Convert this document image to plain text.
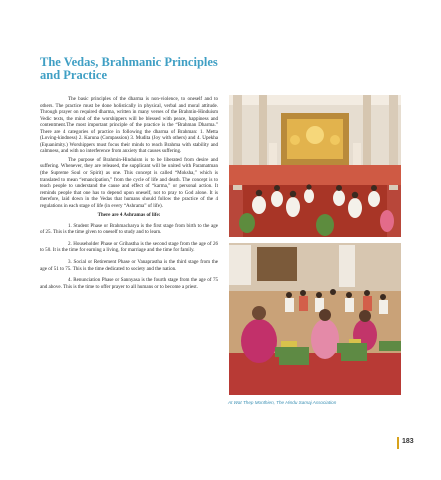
The Vedas, Brahmanic Principles and Practice

The basic principles of the dharma is non-violence, to oneself and to others. The practice must be done holistically in physical, verbal and moral attitude. Through prayer on required dharma, written in many verses of the Brahmin-Hinduism Vedic texts, the mind of the worshippers will be blessed with peace, happiness and contentment.The most important principle of the practice is the “Brahman Dharma.” There are 4 categories of practice in following the dharma of Brahman: 1. Metta (Loving-kindness) 2. Karuna (Compassion) 3. Mudita (Joy with others) and 4. Upekha (Equanimity.) Worshippers must focus their minds to reach Brahma with stability and calmness, and with no interference from anxiety that causes suffering.

The purpose of Brahmin-Hinduism is to be liberated from desire and suffering. Whenever, they are released, the supplicant will be united with Paramatman (the Supreme Soul or Spirit) as one. This concept is called “Moksha,” which is translated to mean “emancipation,” from the cycle of life and death. The concept is to teach people to understand the cause and effect of “karma,” or personal action. It reminds people that one has to depend upon oneself, not to pray to God alone. It is therefore, laid down in the Vedas that humans should follow the practice of the 4 regulations in each stage of life (in every “Ashrama” of life).

There are 4 Ashramas of life:

1. Student Phase or Brahmacharya is the first stage from birth to the age of 25. This is the time given to oneself to study and to learn.

2. Householder Phase or Grihastha is the second stage from the age of 26 to 50. It is the time for earning a living, for marriage and the time for family.

3. Social or Retirement Phase or Vanaprastha is the third stage from the age of 51 to 75. This is the time dedicated to society and the nation.

4. Renunciation Phase or Sannyasa is the fourth stage from the age of 75 and above. This is the time to offer prayer to all humans or to become a priest.

At Wat Thep Monthien, The Hindu Samaj Association
183
